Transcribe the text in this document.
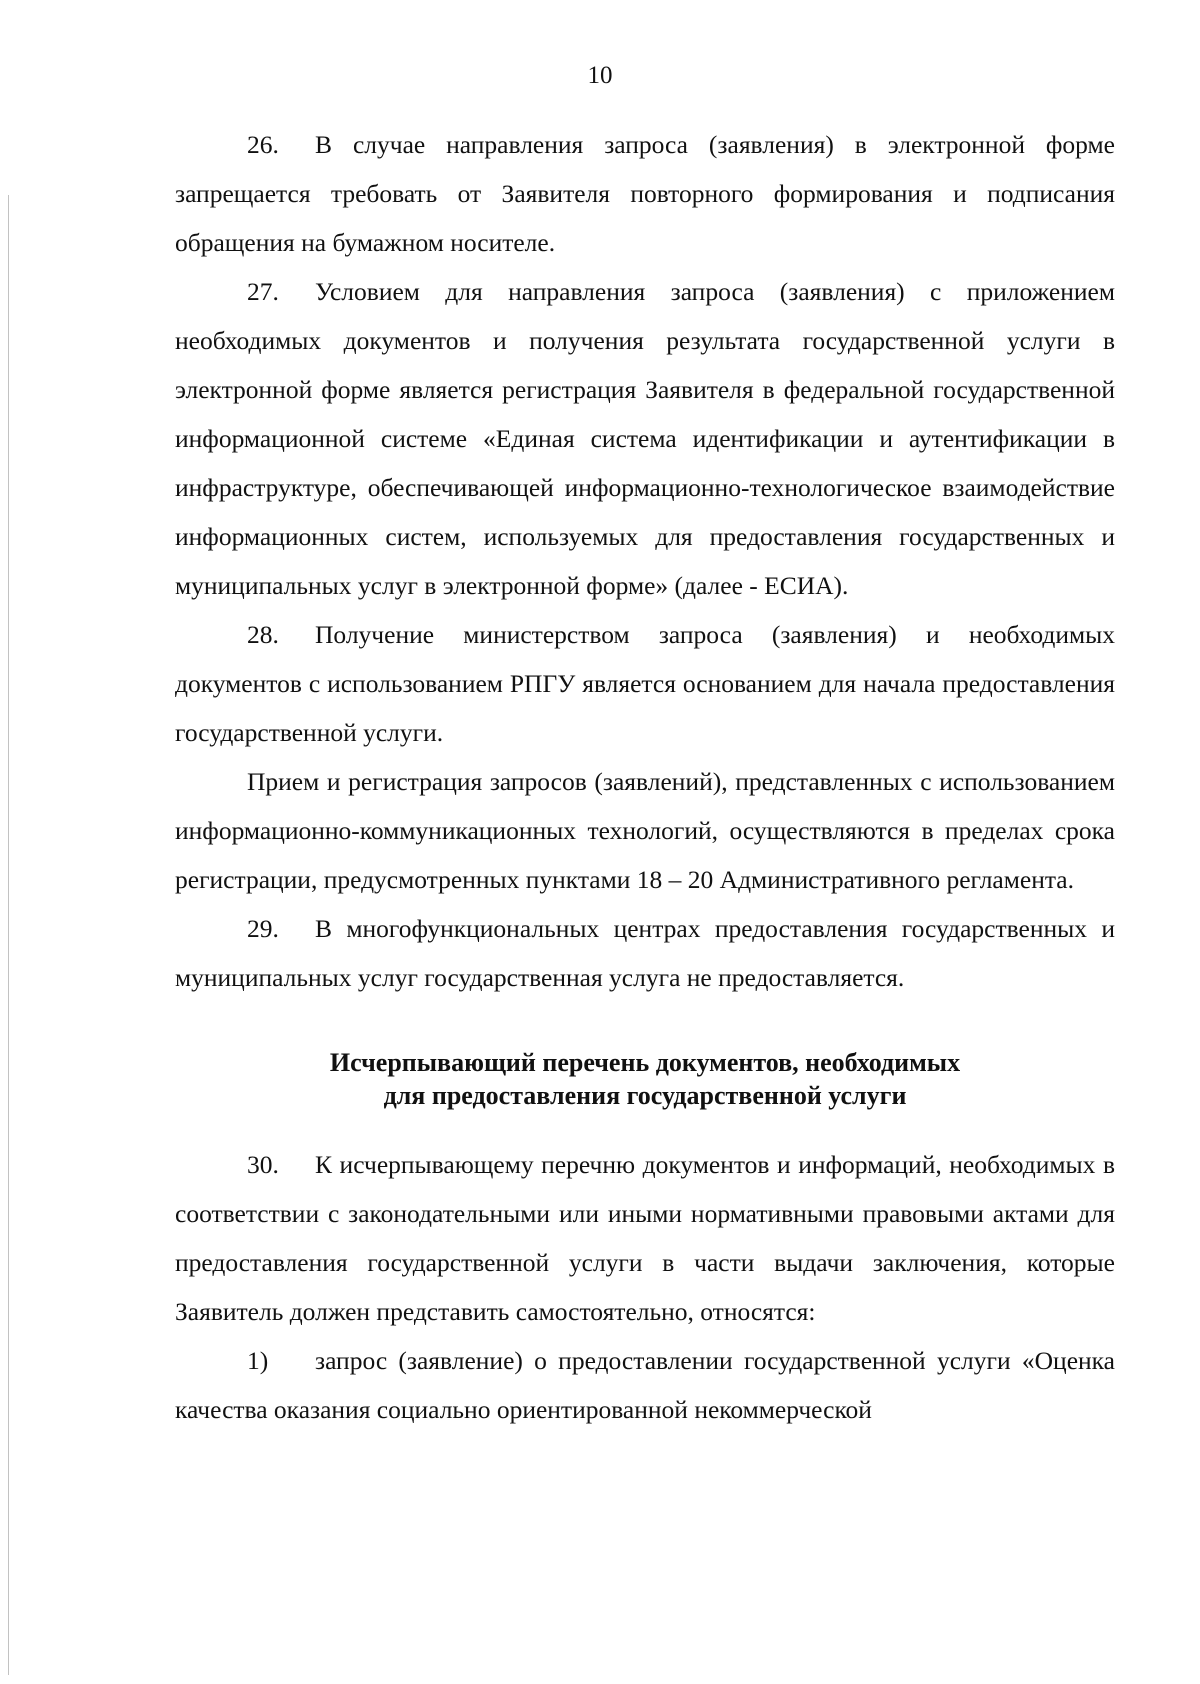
10

26. В случае направления запроса (заявления) в электронной форме запрещается требовать от Заявителя повторного формирования и подписания обращения на бумажном носителе.

27. Условием для направления запроса (заявления) с приложением необходимых документов и получения результата государственной услуги в электронной форме является регистрация Заявителя в федеральной государственной информационной системе «Единая система идентификации и аутентификации в инфраструктуре, обеспечивающей информационно-технологическое взаимодействие информационных систем, используемых для предоставления государственных и муниципальных услуг в электронной форме» (далее - ЕСИА).

28. Получение министерством запроса (заявления) и необходимых документов с использованием РПГУ является основанием для начала предоставления государственной услуги.

Прием и регистрация запросов (заявлений), представленных с использованием информационно-коммуникационных технологий, осуществляются в пределах срока регистрации, предусмотренных пунктами 18 – 20 Административного регламента.

29. В многофункциональных центрах предоставления государственных и муниципальных услуг государственная услуга не предоставляется.

Исчерпывающий перечень документов, необходимых
для предоставления государственной услуги

30. К исчерпывающему перечню документов и информаций, необходимых в соответствии с законодательными или иными нормативными правовыми актами для предоставления государственной услуги в части выдачи заключения, которые Заявитель должен представить самостоятельно, относятся:

1) запрос (заявление) о предоставлении государственной услуги «Оценка качества оказания социально ориентированной некоммерческой
